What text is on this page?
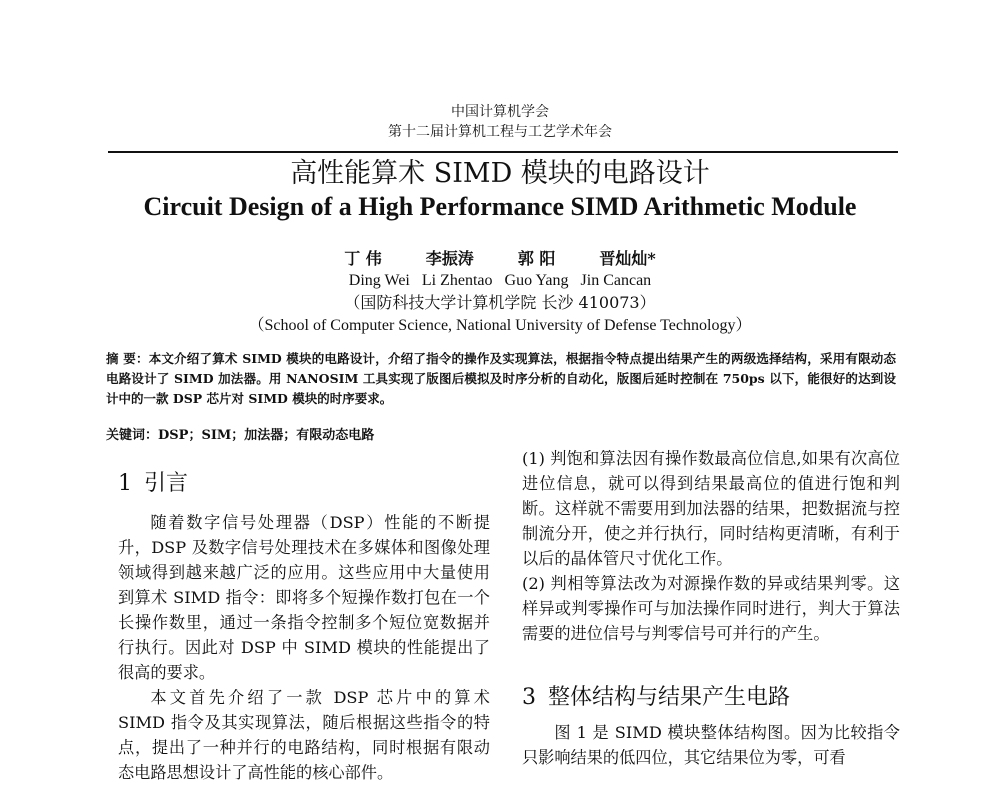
中国计算机学会
第十二届计算机工程与工艺学术年会
高性能算术 SIMD 模块的电路设计
Circuit Design of a High Performance SIMD Arithmetic Module
丁 伟	李振涛	郭 阳	晋灿灿*
Ding Wei Li Zhentao Guo Yang Jin Cancan
（国防科技大学计算机学院 长沙 410073）
（School of Computer Science, National University of Defense Technology）
摘 要：本文介绍了算术 SIMD 模块的电路设计，介绍了指令的操作及实现算法，根据指令特点提出结果产生的两级选择结构，采用有限动态电路设计了 SIMD 加法器。用 NANOSIM 工具实现了版图后模拟及时序分析的自动化，版图后延时控制在 750ps 以下，能很好的达到设计中的一款 DSP 芯片对 SIMD 模块的时序要求。
关键词：DSP；SIM；加法器；有限动态电路
1 引言
随着数字信号处理器（DSP）性能的不断提升，DSP 及数字信号处理技术在多媒体和图像处理领域得到越来越广泛的应用。这些应用中大量使用到算术 SIMD 指令：即将多个短操作数打包在一个长操作数里，通过一条指令控制多个短位宽数据并行执行。因此对 DSP 中 SIMD 模块的性能提出了很高的要求。
本文首先介绍了一款 DSP 芯片中的算术 SIMD 指令及其实现算法，随后根据这些指令的特点，提出了一种并行的电路结构，同时根据有限动态电路思想设计了高性能的核心部件。
(1) 判饱和算法因有操作数最高位信息,如果有次高位进位信息，就可以得到结果最高位的值进行饱和判断。这样就不需要用到加法器的结果，把数据流与控制流分开，使之并行执行，同时结构更清晰，有利于以后的晶体管尺寸优化工作。
(2) 判相等算法改为对源操作数的异或结果判零。这样异或判零操作可与加法操作同时进行，判大于算法需要的进位信号与判零信号可并行的产生。
3 整体结构与结果产生电路
图 1 是 SIMD 模块整体结构图。因为比较指令只影响结果的低四位，其它结果位为零，可看
